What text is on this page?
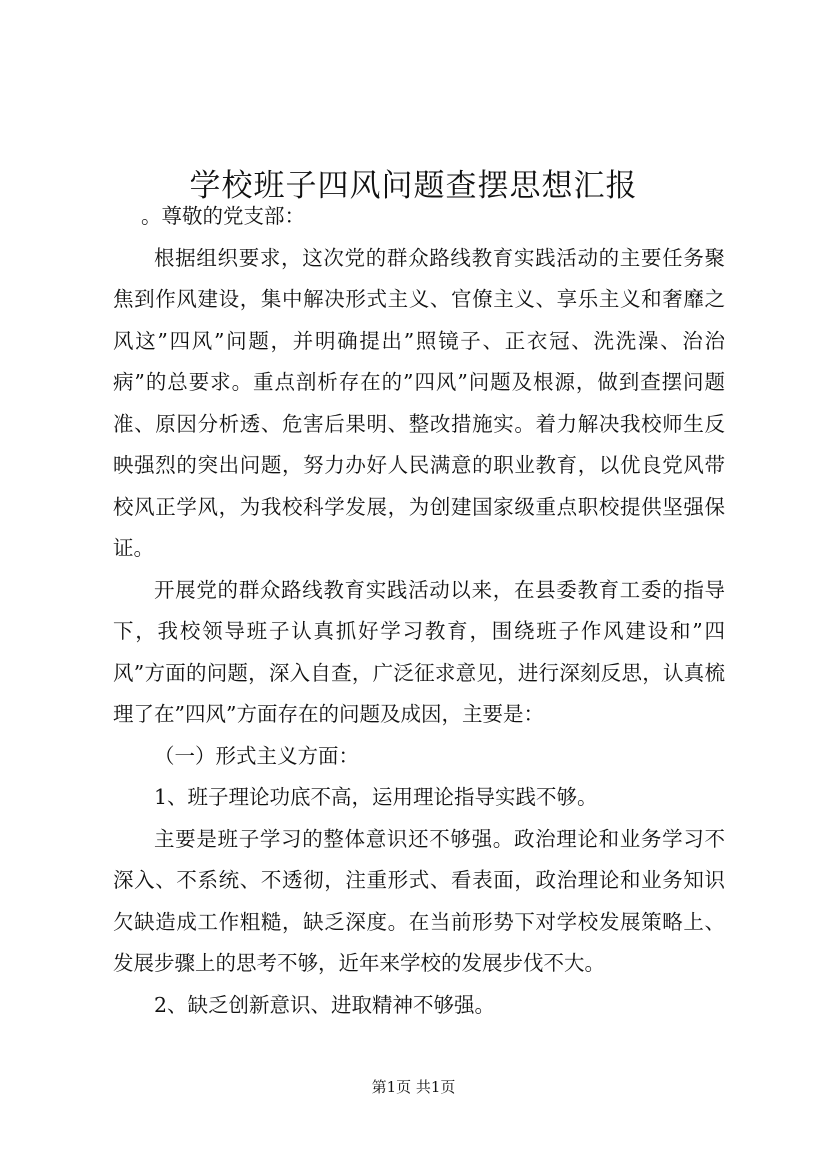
学校班子四风问题查摆思想汇报

。尊敬的党支部：

根据组织要求，这次党的群众路线教育实践活动的主要任务聚焦到作风建设，集中解决形式主义、官僚主义、享乐主义和奢靡之风这”四风”问题，并明确提出”照镜子、正衣冠、洗洗澡、治治病”的总要求。重点剖析存在的”四风”问题及根源，做到查摆问题准、原因分析透、危害后果明、整改措施实。着力解决我校师生反映强烈的突出问题，努力办好人民满意的职业教育，以优良党风带校风正学风，为我校科学发展，为创建国家级重点职校提供坚强保证。

开展党的群众路线教育实践活动以来，在县委教育工委的指导下，我校领导班子认真抓好学习教育，围绕班子作风建设和”四风”方面的问题，深入自查，广泛征求意见，进行深刻反思，认真梳理了在”四风”方面存在的问题及成因，主要是：

（一）形式主义方面：

1、班子理论功底不高，运用理论指导实践不够。

主要是班子学习的整体意识还不够强。政治理论和业务学习不深入、不系统、不透彻，注重形式、看表面，政治理论和业务知识欠缺造成工作粗糙，缺乏深度。在当前形势下对学校发展策略上、发展步骤上的思考不够，近年来学校的发展步伐不大。

2、缺乏创新意识、进取精神不够强。

第1页 共1页
